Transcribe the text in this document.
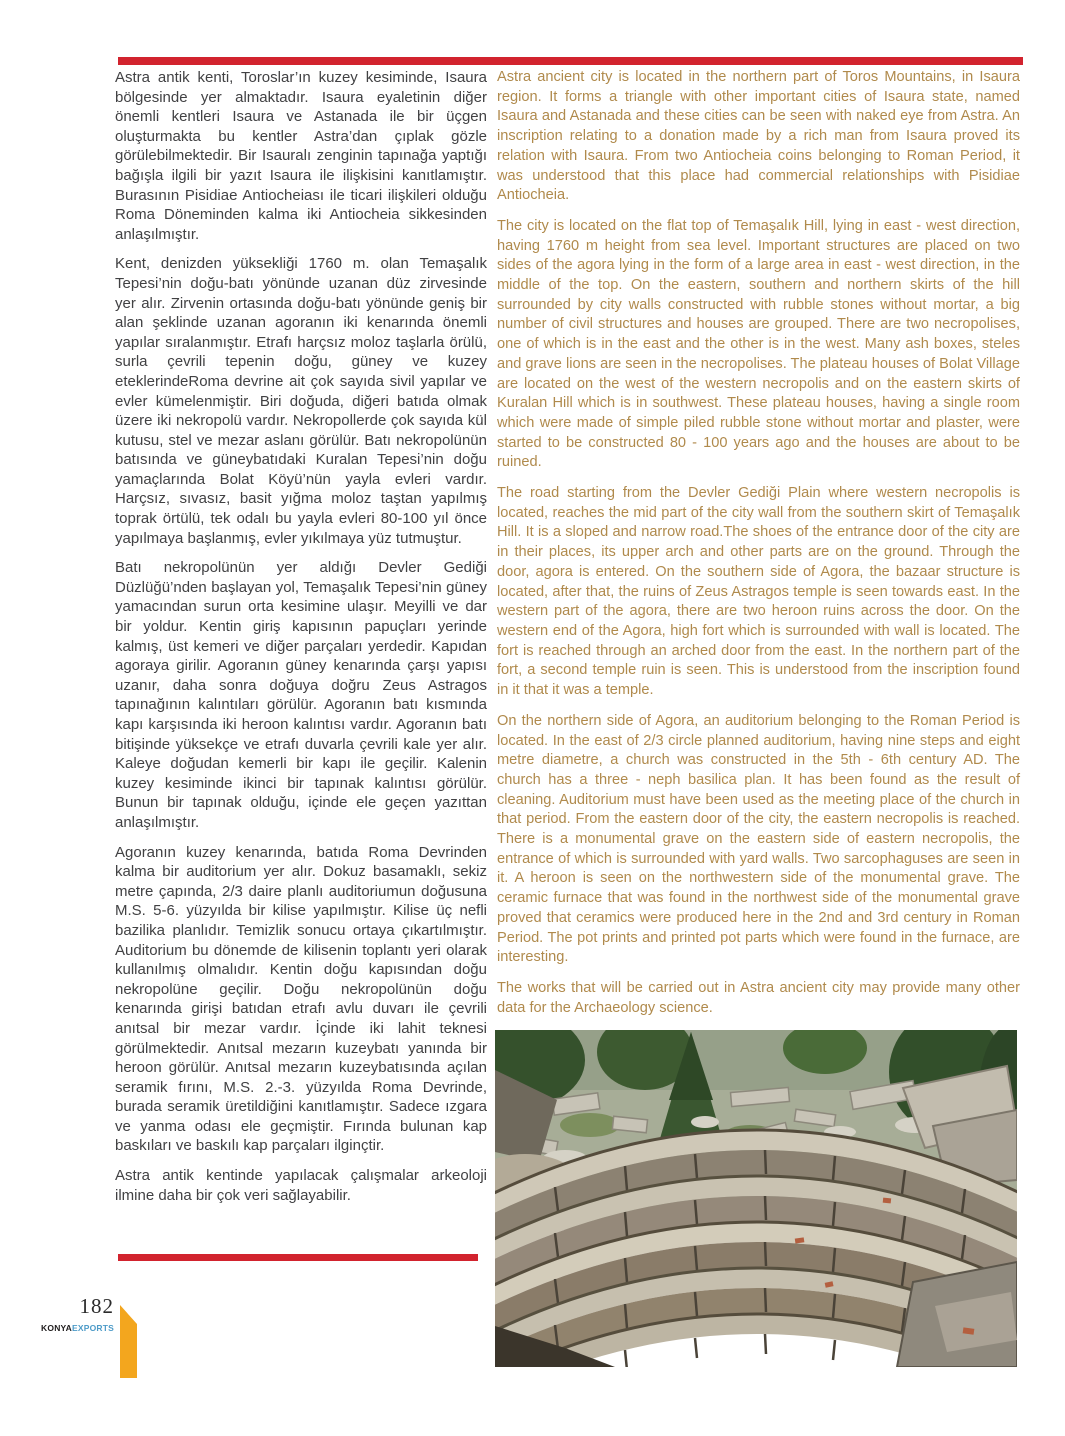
Astra antik kenti, Toroslar’ın kuzey kesiminde, Isaura bölgesinde yer almaktadır. Isaura eyaletinin diğer önemli kentleri Isaura ve Astanada ile bir üçgen oluşturmakta bu kentler Astra’dan çıplak gözle görülebilmektedir. Bir Isauralı zenginin tapınağa yaptığı bağışla ilgili bir yazıt Isaura ile ilişkisini kanıtlamıştır. Burasının Pisidiae Antiocheiası ile ticari ilişkileri olduğu Roma Döneminden kalma iki Antiocheia sikkesinden anlaşılmıştır.

Kent, denizden yüksekliği 1760 m. olan Temaşalık Tepesi’nin doğu-batı yönünde uzanan düz zirvesinde yer alır. Zirvenin ortasında doğu-batı yönünde geniş bir alan şeklinde uzanan agoranın iki kenarında önemli yapılar sıralanmıştır. Etrafı harçsız moloz taşlarla örülü, surla çevrili tepenin doğu, güney ve kuzey eteklerindeRoma devrine ait çok sayıda sivil yapılar ve evler kümelenmiştir. Biri doğuda, diğeri batıda olmak üzere iki nekropolü vardır. Nekropollerde çok sayıda kül kutusu, stel ve mezar aslanı görülür. Batı nekropolünün batısında ve güneybatıdaki Kuralan Tepesi’nin doğu yamaçlarında Bolat Köyü’nün yayla evleri vardır. Harçsız, sıvasız, basit yığma moloz taştan yapılmış toprak örtülü, tek odalı bu yayla evleri 80-100 yıl önce yapılmaya başlanmış, evler yıkılmaya yüz tutmuştur.

Batı nekropolünün yer aldığı Devler Gediği Düzlüğü’nden başlayan yol, Temaşalık Tepesi’nin güney yamacından surun orta kesimine ulaşır. Meyilli ve dar bir yoldur. Kentin giriş kapısının papuçları yerinde kalmış, üst kemeri ve diğer parçaları yerdedir. Kapıdan agoraya girilir. Agoranın güney kenarında çarşı yapısı uzanır, daha sonra doğuya doğru Zeus Astragos tapınağının kalıntıları görülür. Agoranın batı kısmında kapı karşısında iki heroon kalıntısı vardır. Agoranın batı bitişinde yüksekçe ve etrafı duvarla çevrili kale yer alır. Kaleye doğudan kemerli bir kapı ile geçilir. Kalenin kuzey kesiminde ikinci bir tapınak kalıntısı görülür. Bunun bir tapınak olduğu, içinde ele geçen yazıttan anlaşılmıştır.

Agoranın kuzey kenarında, batıda Roma Devrinden kalma bir auditorium yer alır. Dokuz basamaklı, sekiz metre çapında, 2/3 daire planlı auditoriumun doğusuna M.S. 5-6. yüzyılda bir kilise yapılmıştır. Kilise üç nefli bazilika planlıdır. Temizlik sonucu ortaya çıkartılmıştır. Auditorium bu dönemde de kilisenin toplantı yeri olarak kullanılmış olmalıdır. Kentin doğu kapısından doğu nekropolüne geçilir. Doğu nekropolünün doğu kenarında girişi batıdan etrafı avlu duvarı ile çevrili anıtsal bir mezar vardır. İçinde iki lahit teknesi görülmektedir. Anıtsal mezarın kuzeybatı yanında bir heroon görülür. Anıtsal mezarın kuzeybatısında açılan seramik fırını, M.S. 2.-3. yüzyılda Roma Devrinde, burada seramik üretildiğini kanıtlamıştır. Sadece ızgara ve yanma odası ele geçmiştir. Fırında bulunan kap baskıları ve baskılı kap parçaları ilginçtir.

Astra antik kentinde yapılacak çalışmalar arkeoloji ilmine daha bir çok veri sağlayabilir.

Astra ancient city is located in the northern part of Toros Mountains, in Isaura region. It forms a triangle with other important cities of Isaura state, named Isaura and Astanada and these cities can be seen with naked eye from Astra. An inscription relating to a donation made by a rich man from Isaura proved its relation with Isaura. From two Antiocheia coins belonging to Roman Period, it was understood that this place had commercial relationships with Pisidiae Antiocheia.

The city is located on the flat top of Temaşalık Hill, lying in east - west direction, having 1760 m height from sea level. Important structures are placed on two sides of the agora lying in the form of a large area in east - west direction, in the middle of the top. On the eastern, southern and northern skirts of the hill surrounded by city walls constructed with rubble stones without mortar, a big number of civil structures and houses are grouped. There are two necropolises, one of which is in the east and the other is in the west. Many ash boxes, steles and grave lions are seen in the necropolises. The plateau houses of Bolat Village are located on the west of the western necropolis and on the eastern skirts of Kuralan Hill which is in southwest. These plateau houses, having a single room which were made of simple piled rubble stone without mortar and plaster, were started to be constructed 80 - 100 years ago and the houses are about to be ruined.

The road starting from the Devler Gediği Plain where western necropolis is located, reaches the mid part of the city wall from the southern skirt of Temaşalık Hill. It is a sloped and narrow road.The shoes of the entrance door of the city are in their places, its upper arch and other parts are on the ground. Through the door, agora is entered. On the southern side of Agora, the bazaar structure is located, after that, the ruins of Zeus Astragos temple is seen towards east. In the western part of the agora, there are two heroon ruins across the door. On the western end of the Agora, high fort which is surrounded with wall is located. The fort is reached through an arched door from the east. In the northern part of the fort, a second temple ruin is seen. This is understood from the inscription found in it that it was a temple.

On the northern side of Agora, an auditorium belonging to the Roman Period is located. In the east of 2/3 circle planned auditorium, having nine steps and eight metre diametre, a church was constructed in the 5th - 6th century AD. The church has a three - neph basilica plan. It has been found as the result of cleaning. Auditorium must have been used as the meeting place of the church in that period. From the eastern door of the city, the eastern necropolis is reached. There is a monumental grave on the eastern side of eastern necropolis, the entrance of which is surrounded with yard walls. Two sarcophaguses are seen in it. A heroon is seen on the northwestern side of the monumental grave. The ceramic furnace that was found in the northwest side of the monumental grave proved that ceramics were produced here in the 2nd and 3rd century in Roman Period. The pot prints and printed pot parts which were found in the furnace, are interesting.

The works that will be carried out in Astra ancient city may provide many other data for the Archaeology science.

182
KONYAEXPORTS
